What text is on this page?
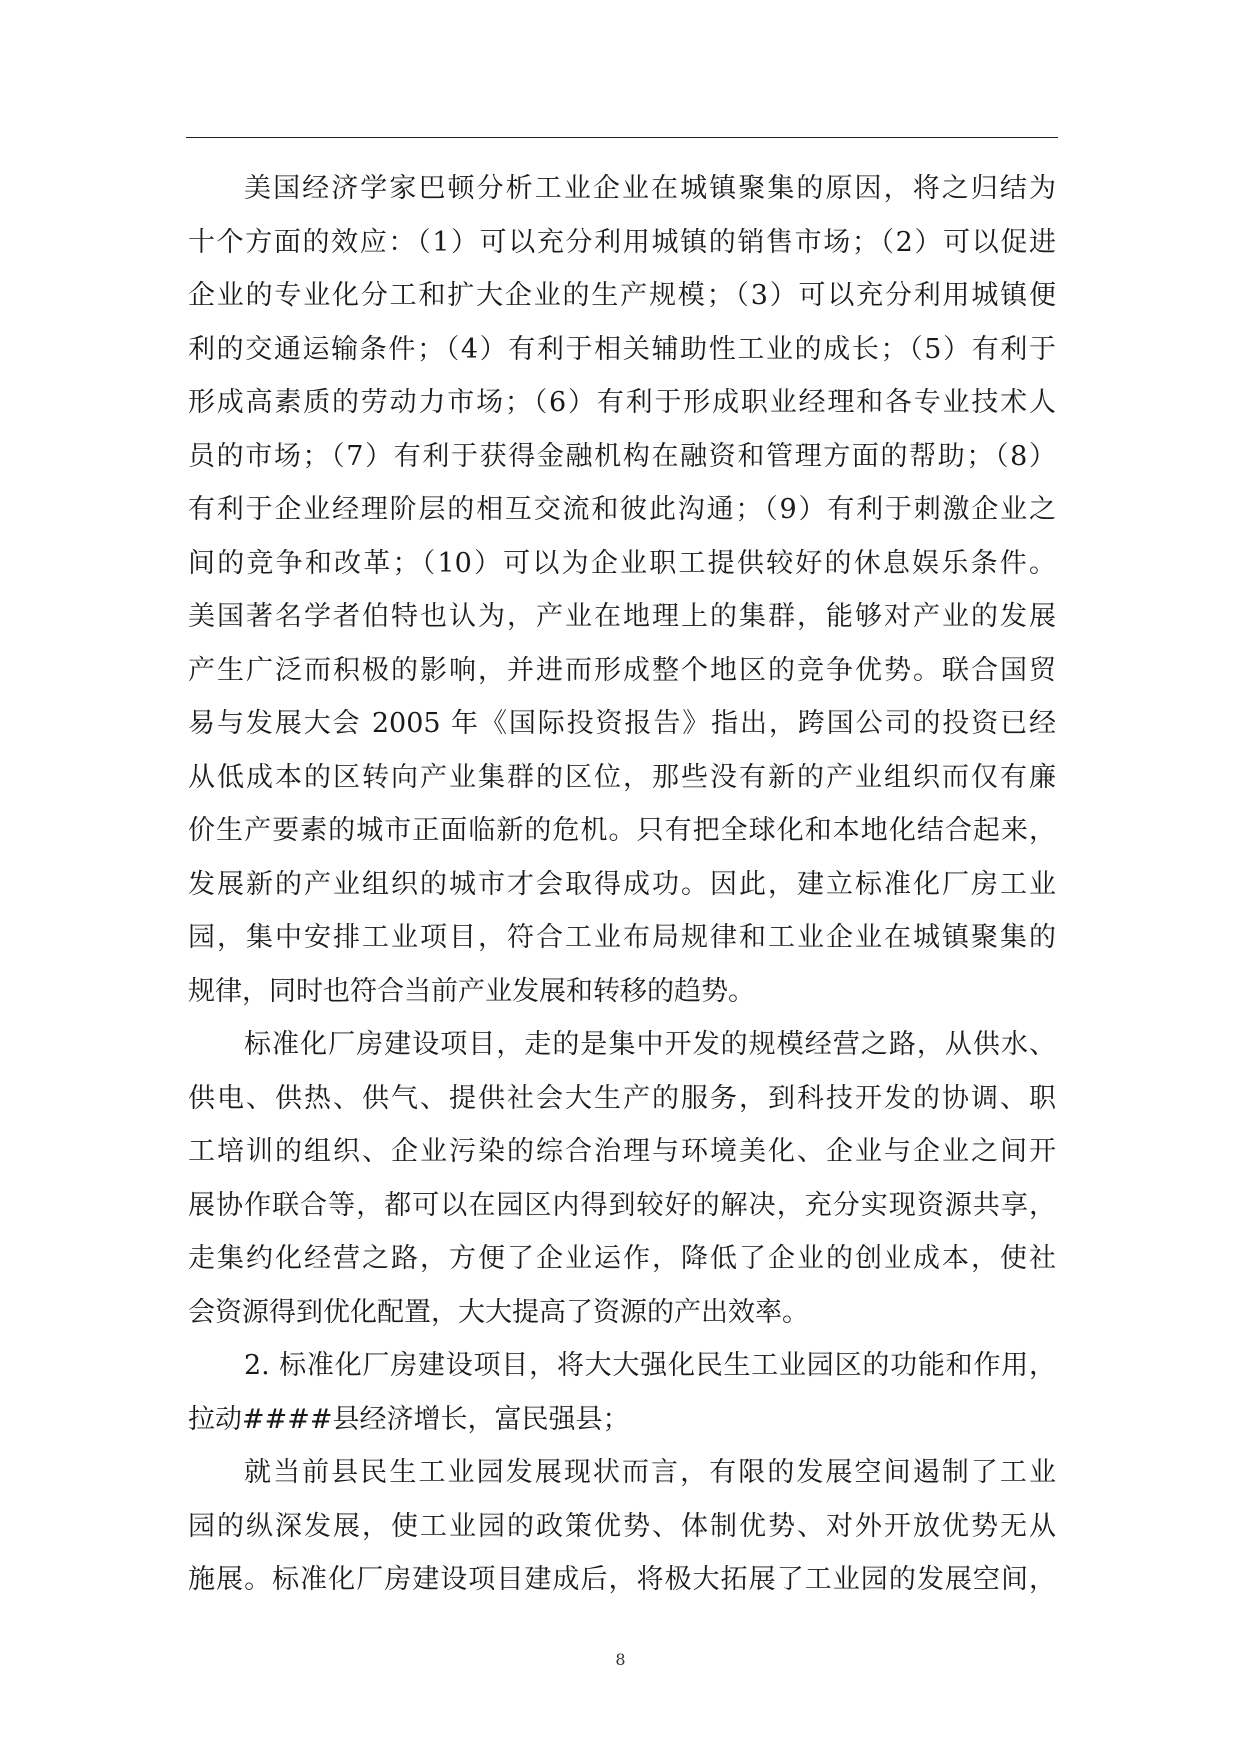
美国经济学家巴顿分析工业企业在城镇聚集的原因，将之归结为
十个方面的效应：（1）可以充分利用城镇的销售市场；（2）可以促进
企业的专业化分工和扩大企业的生产规模；（3）可以充分利用城镇便
利的交通运输条件；（4）有利于相关辅助性工业的成长；（5）有利于
形成高素质的劳动力市场；（6）有利于形成职业经理和各专业技术人
员的市场；（7）有利于获得金融机构在融资和管理方面的帮助；（8）
有利于企业经理阶层的相互交流和彼此沟通；（9）有利于刺激企业之
间的竞争和改革；（10）可以为企业职工提供较好的休息娱乐条件。
美国著名学者伯特也认为，产业在地理上的集群，能够对产业的发展
产生广泛而积极的影响，并进而形成整个地区的竞争优势。联合国贸
易与发展大会 2005 年《国际投资报告》指出，跨国公司的投资已经
从低成本的区转向产业集群的区位，那些没有新的产业组织而仅有廉
价生产要素的城市正面临新的危机。只有把全球化和本地化结合起来，
发展新的产业组织的城市才会取得成功。因此，建立标准化厂房工业
园，集中安排工业项目，符合工业布局规律和工业企业在城镇聚集的
规律，同时也符合当前产业发展和转移的趋势。
标准化厂房建设项目，走的是集中开发的规模经营之路，从供水、
供电、供热、供气、提供社会大生产的服务，到科技开发的协调、职
工培训的组织、企业污染的综合治理与环境美化、企业与企业之间开
展协作联合等，都可以在园区内得到较好的解决，充分实现资源共享，
走集约化经营之路，方便了企业运作，降低了企业的创业成本，使社
会资源得到优化配置，大大提高了资源的产出效率。
2. 标准化厂房建设项目，将大大强化民生工业园区的功能和作用，
拉动####县经济增长，富民强县；
就当前县民生工业园发展现状而言，有限的发展空间遏制了工业
园的纵深发展，使工业园的政策优势、体制优势、对外开放优势无从
施展。标准化厂房建设项目建成后，将极大拓展了工业园的发展空间，
8
